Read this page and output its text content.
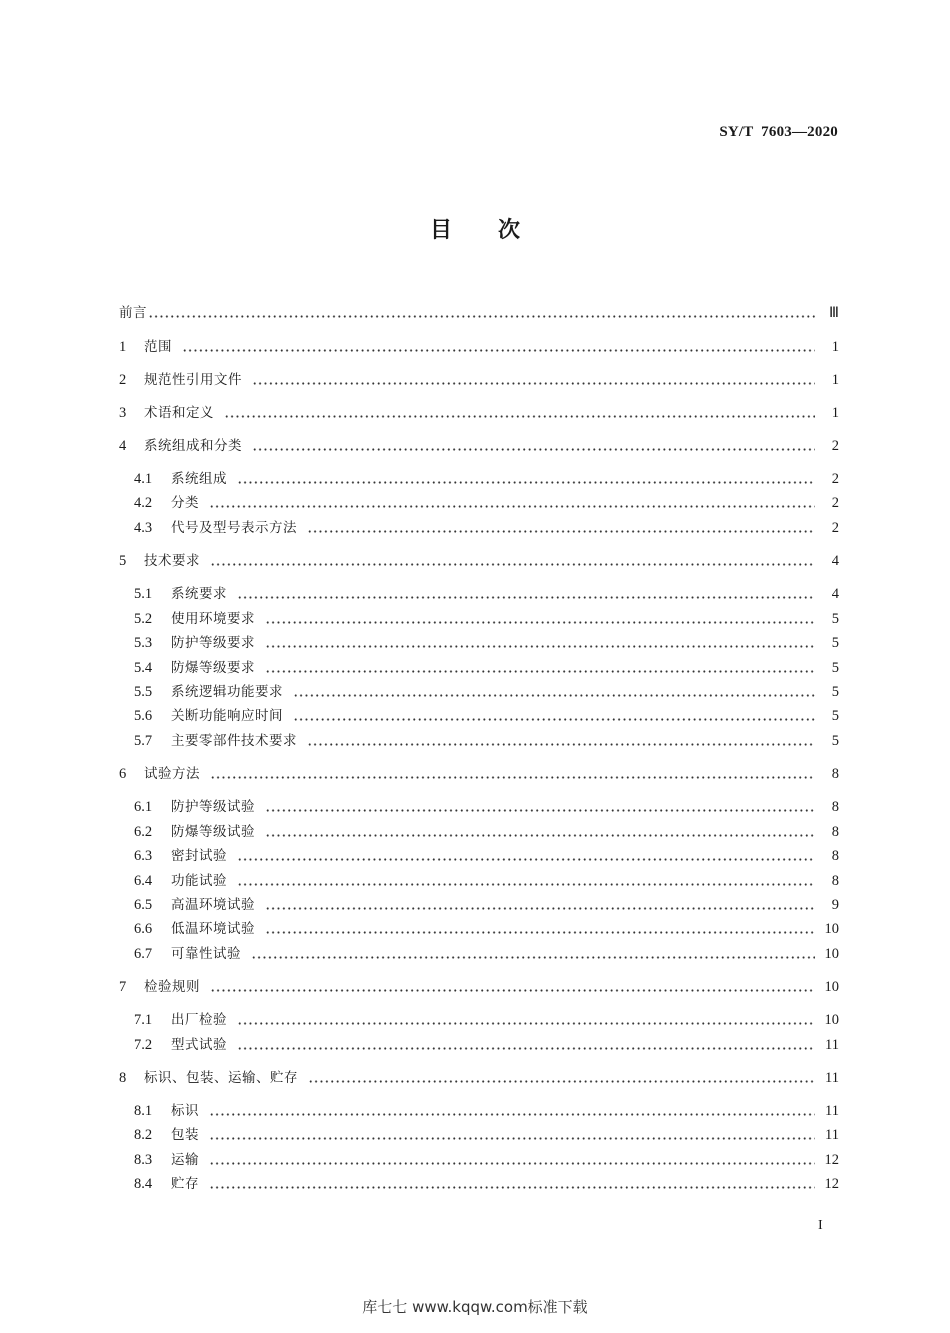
SY/T 7603—2020
目次
前言	Ⅲ
1	范围	1
2	规范性引用文件	1
3	术语和定义	1
4	系统组成和分类	2
4.1	系统组成	2
4.2	分类	2
4.3	代号及型号表示方法	2
5	技术要求	4
5.1	系统要求	4
5.2	使用环境要求	5
5.3	防护等级要求	5
5.4	防爆等级要求	5
5.5	系统逻辑功能要求	5
5.6	关断功能响应时间	5
5.7	主要零部件技术要求	5
6	试验方法	8
6.1	防护等级试验	8
6.2	防爆等级试验	8
6.3	密封试验	8
6.4	功能试验	8
6.5	高温环境试验	9
6.6	低温环境试验	10
6.7	可靠性试验	10
7	检验规则	10
7.1	出厂检验	10
7.2	型式试验	11
8	标识、包装、运输、贮存	11
8.1	标识	11
8.2	包装	11
8.3	运输	12
8.4	贮存	12
I
库七七 www.kqqw.com标准下载
